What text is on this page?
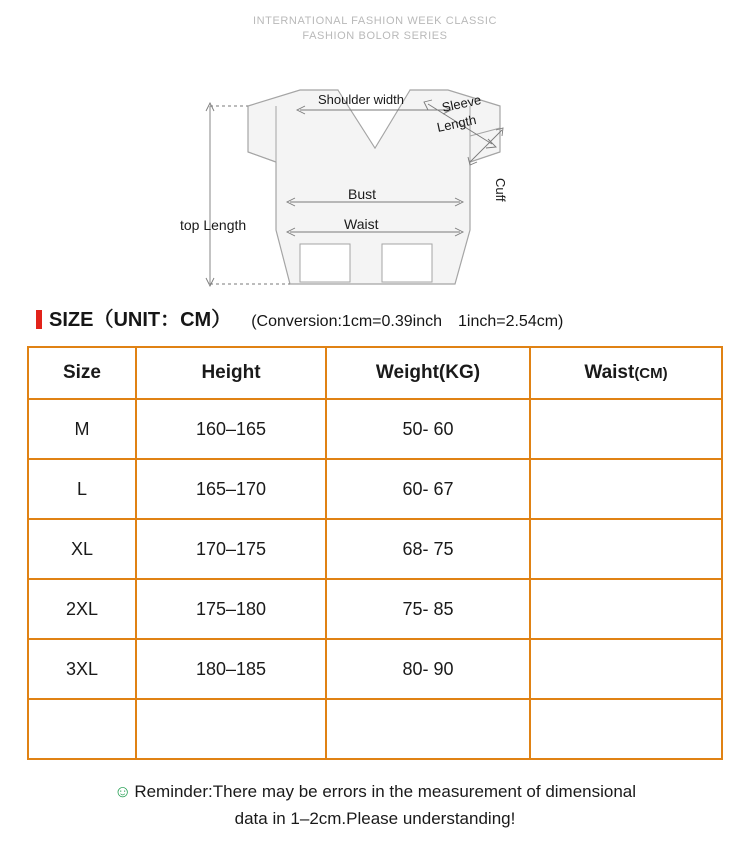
INTERNATIONAL FASHION WEEK CLASSIC
FASHION BOLOR SERIES
Shoulder width	Sleeve
Length
Cuff
Bust
Waist
top Length
SIZE（UNIT：CM） (Conversion:1cm=0.39inch　1inch=2.54cm)
Size	Height	Weight(KG)	Waist(CM)
M	160–165	50- 60	
L	165–170	60- 67	
XL	170–175	68- 75	
2XL	175–180	75- 85	
3XL	180–185	80- 90	

☺ Reminder:There may be errors in the measurement of dimensional
data in 1–2cm.Please understanding!
